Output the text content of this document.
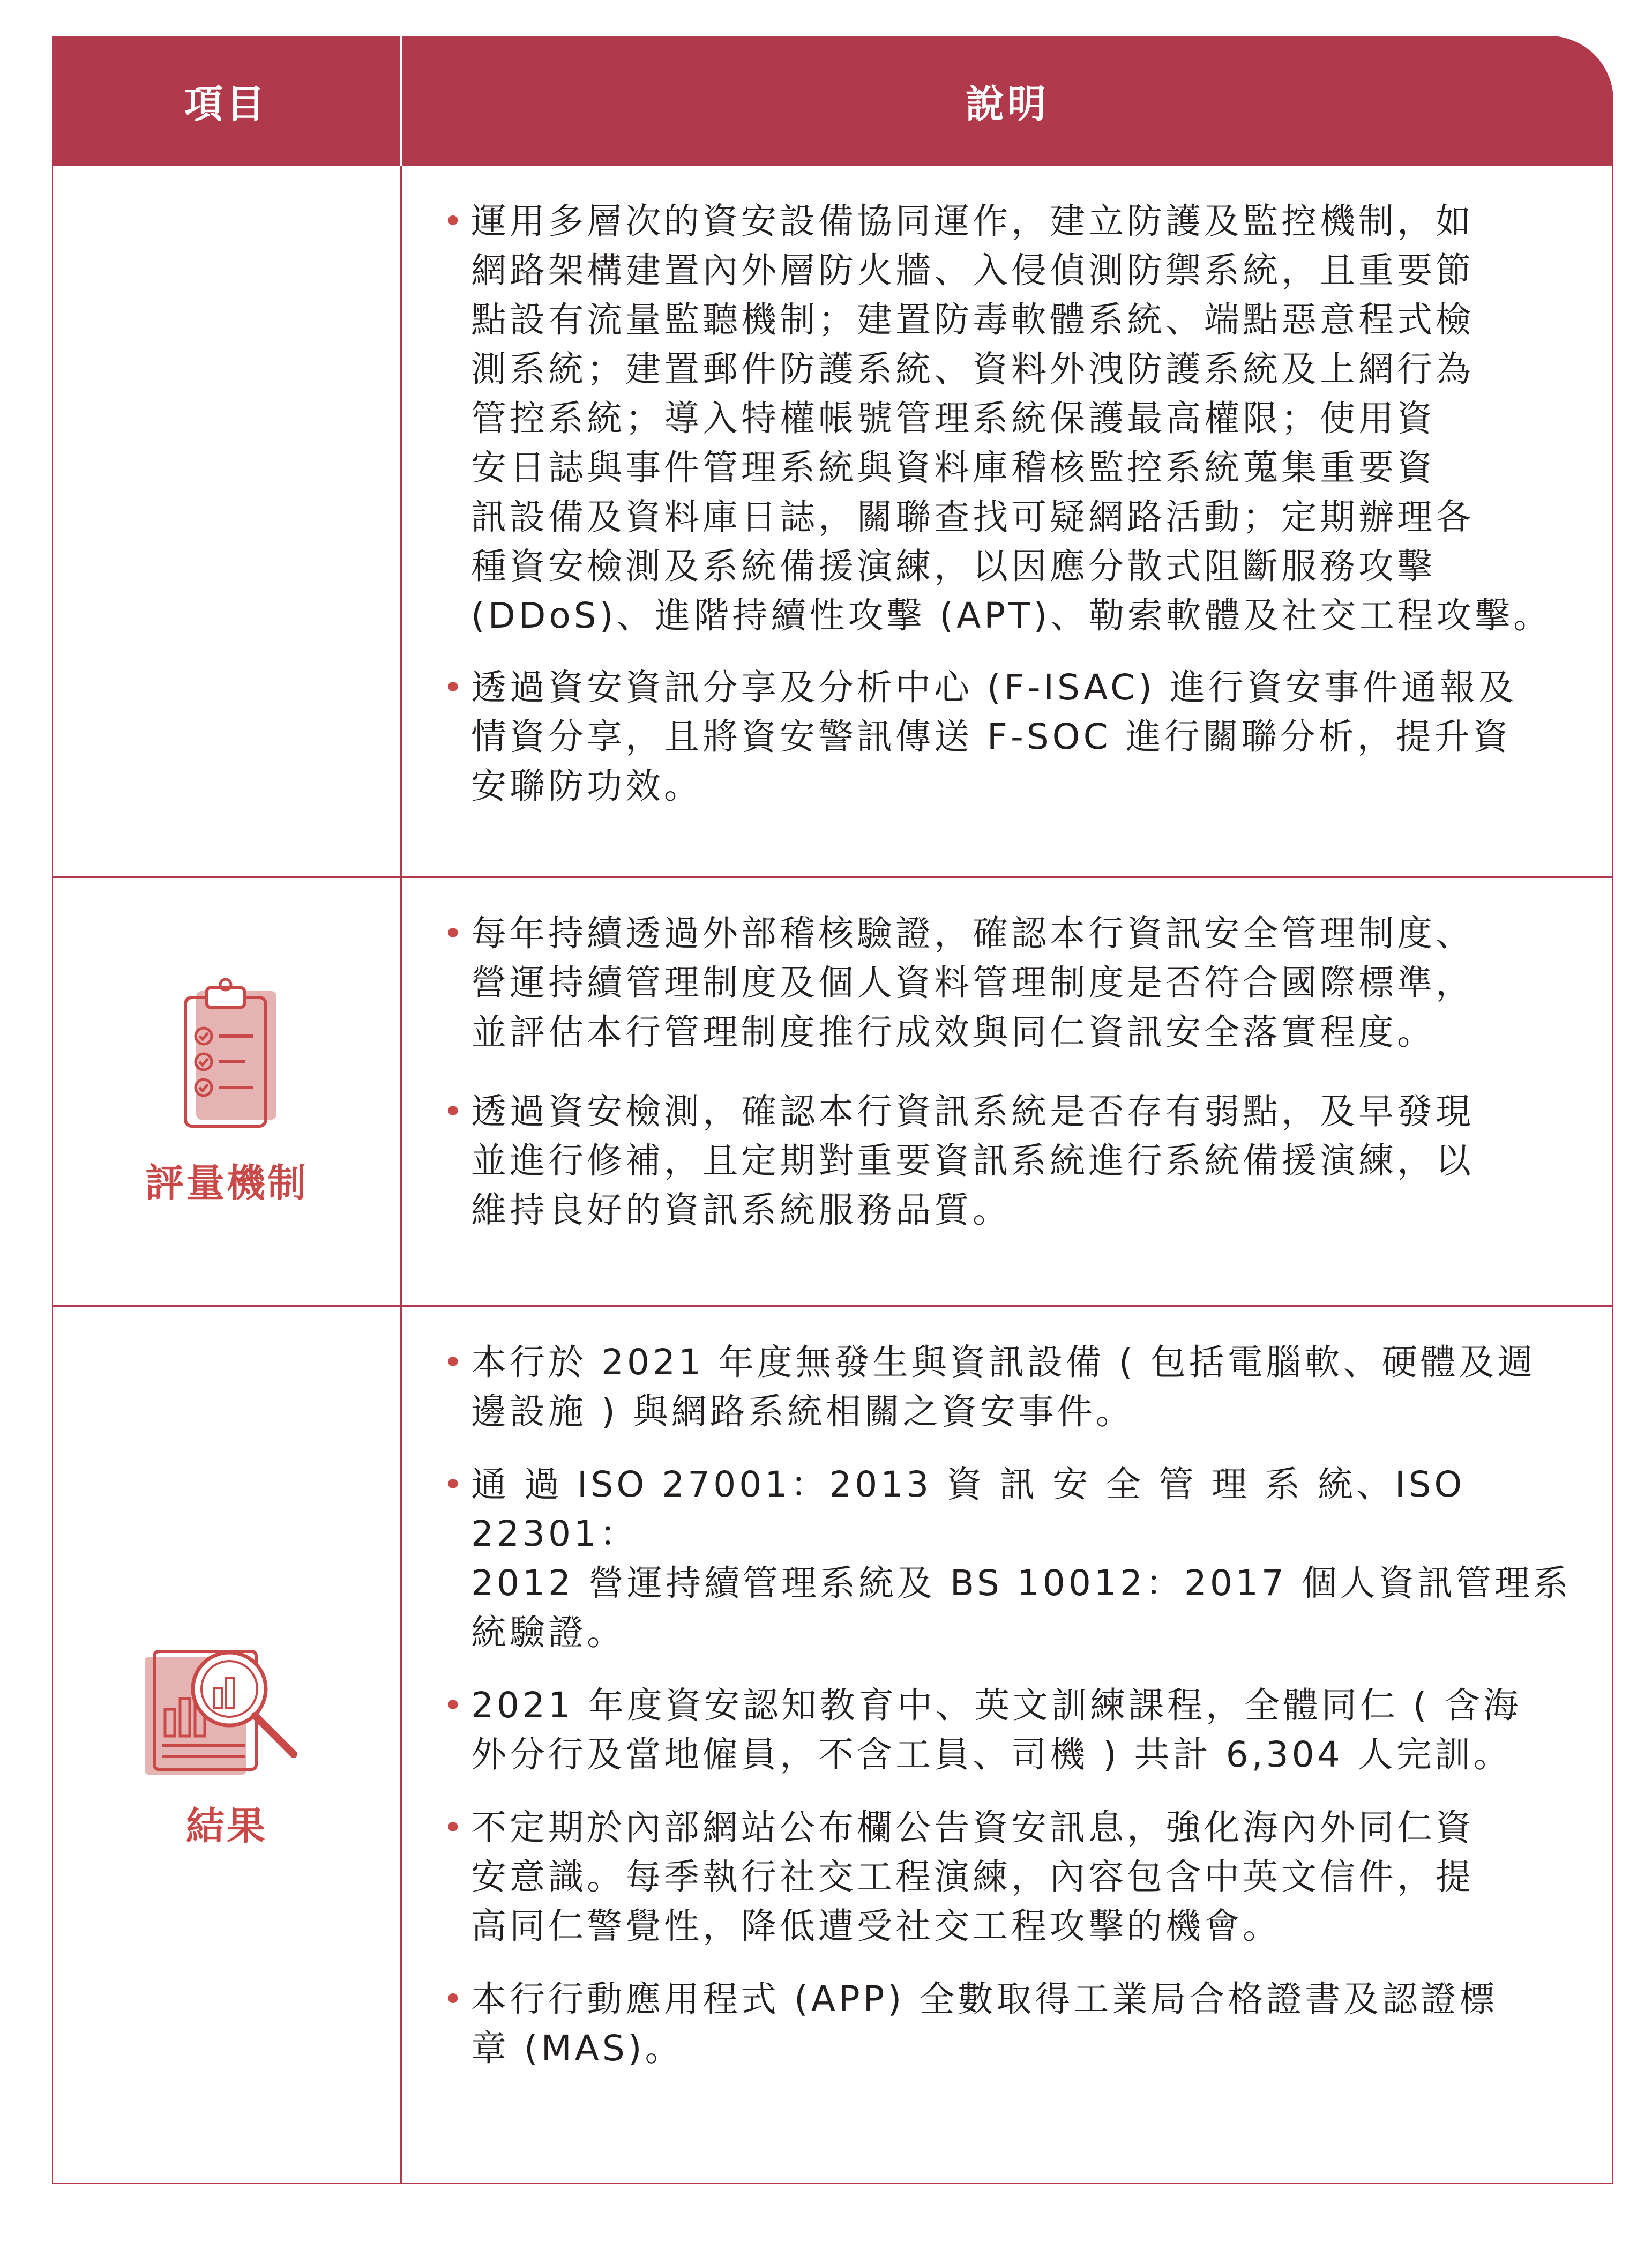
項目	說明
• 運用多層次的資安設備協同運作，建立防護及監控機制，如
網路架構建置內外層防火牆、入侵偵測防禦系統，且重要節
點設有流量監聽機制；建置防毒軟體系統、端點惡意程式檢
測系統；建置郵件防護系統、資料外洩防護系統及上網行為
管控系統；導入特權帳號管理系統保護最高權限；使用資
安日誌與事件管理系統與資料庫稽核監控系統蒐集重要資
訊設備及資料庫日誌，關聯查找可疑網路活動；定期辦理各
種資安檢測及系統備援演練，以因應分散式阻斷服務攻擊
(DDoS)、進階持續性攻擊 (APT)、勒索軟體及社交工程攻擊。
• 透過資安資訊分享及分析中心 (F-ISAC) 進行資安事件通報及
情資分享，且將資安警訊傳送 F-SOC 進行關聯分析，提升資
安聯防功效。
評量機制
• 每年持續透過外部稽核驗證，確認本行資訊安全管理制度、
營運持續管理制度及個人資料管理制度是否符合國際標準，
並評估本行管理制度推行成效與同仁資訊安全落實程度。
• 透過資安檢測，確認本行資訊系統是否存有弱點，及早發現
並進行修補，且定期對重要資訊系統進行系統備援演練，以
維持良好的資訊系統服務品質。
結果
• 本行於 2021 年度無發生與資訊設備 ( 包括電腦軟、硬體及週
邊設施 ) 與網路系統相關之資安事件。
• 通 過 ISO 27001：2013 資 訊 安 全 管 理 系 統、ISO 22301：
2012 營運持續管理系統及 BS 10012：2017 個人資訊管理系
統驗證。
• 2021 年度資安認知教育中、英文訓練課程，全體同仁 ( 含海
外分行及當地僱員，不含工員、司機 ) 共計 6,304 人完訓。
• 不定期於內部網站公布欄公告資安訊息，強化海內外同仁資
安意識。每季執行社交工程演練，內容包含中英文信件，提
高同仁警覺性，降低遭受社交工程攻擊的機會。
• 本行行動應用程式 (APP) 全數取得工業局合格證書及認證標
章 (MAS)。
